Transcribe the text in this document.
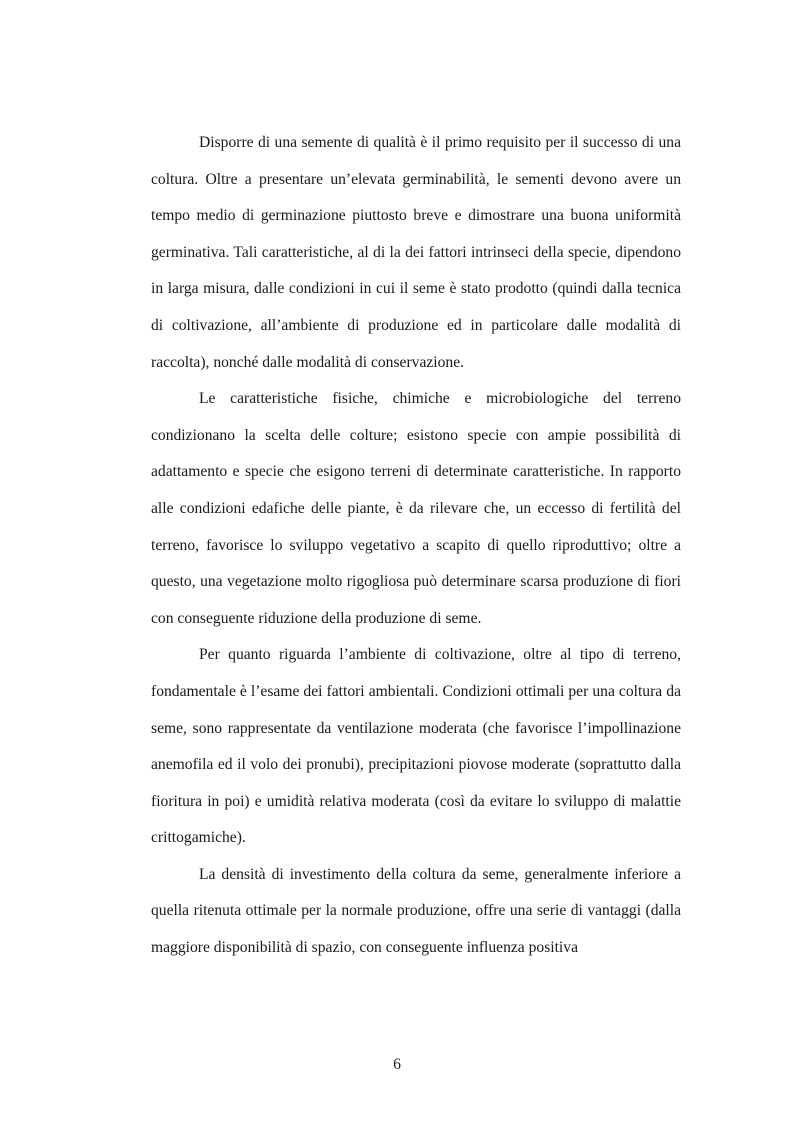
Disporre di una semente di qualità è il primo requisito per il successo di una coltura. Oltre a presentare un’elevata germinabilità, le sementi devono avere un tempo medio di germinazione piuttosto breve e dimostrare una buona uniformità germinativa. Tali caratteristiche, al di la dei fattori intrinseci della specie, dipendono in larga misura, dalle condizioni in cui il seme è stato prodotto (quindi dalla tecnica di coltivazione, all’ambiente di produzione ed in particolare dalle modalità di raccolta), nonché dalle modalità di conservazione.

Le caratteristiche fisiche, chimiche e microbiologiche del terreno condizionano la scelta delle colture; esistono specie con ampie possibilità di adattamento e specie che esigono terreni di determinate caratteristiche. In rapporto alle condizioni edafiche delle piante, è da rilevare che, un eccesso di fertilità del terreno, favorisce lo sviluppo vegetativo a scapito di quello riproduttivo; oltre a questo, una vegetazione molto rigogliosa può determinare scarsa produzione di fiori con conseguente riduzione della produzione di seme.

Per quanto riguarda l’ambiente di coltivazione, oltre al tipo di terreno, fondamentale è l’esame dei fattori ambientali. Condizioni ottimali per una coltura da seme, sono rappresentate da ventilazione moderata (che favorisce l’impollinazione anemofila ed il volo dei pronubi), precipitazioni piovose moderate (soprattutto dalla fioritura in poi) e umidità relativa moderata (così da evitare lo sviluppo di malattie crittogamiche).

La densità di investimento della coltura da seme, generalmente inferiore a quella ritenuta ottimale per la normale produzione, offre una serie di vantaggi (dalla maggiore disponibilità di spazio, con conseguente influenza positiva

6
